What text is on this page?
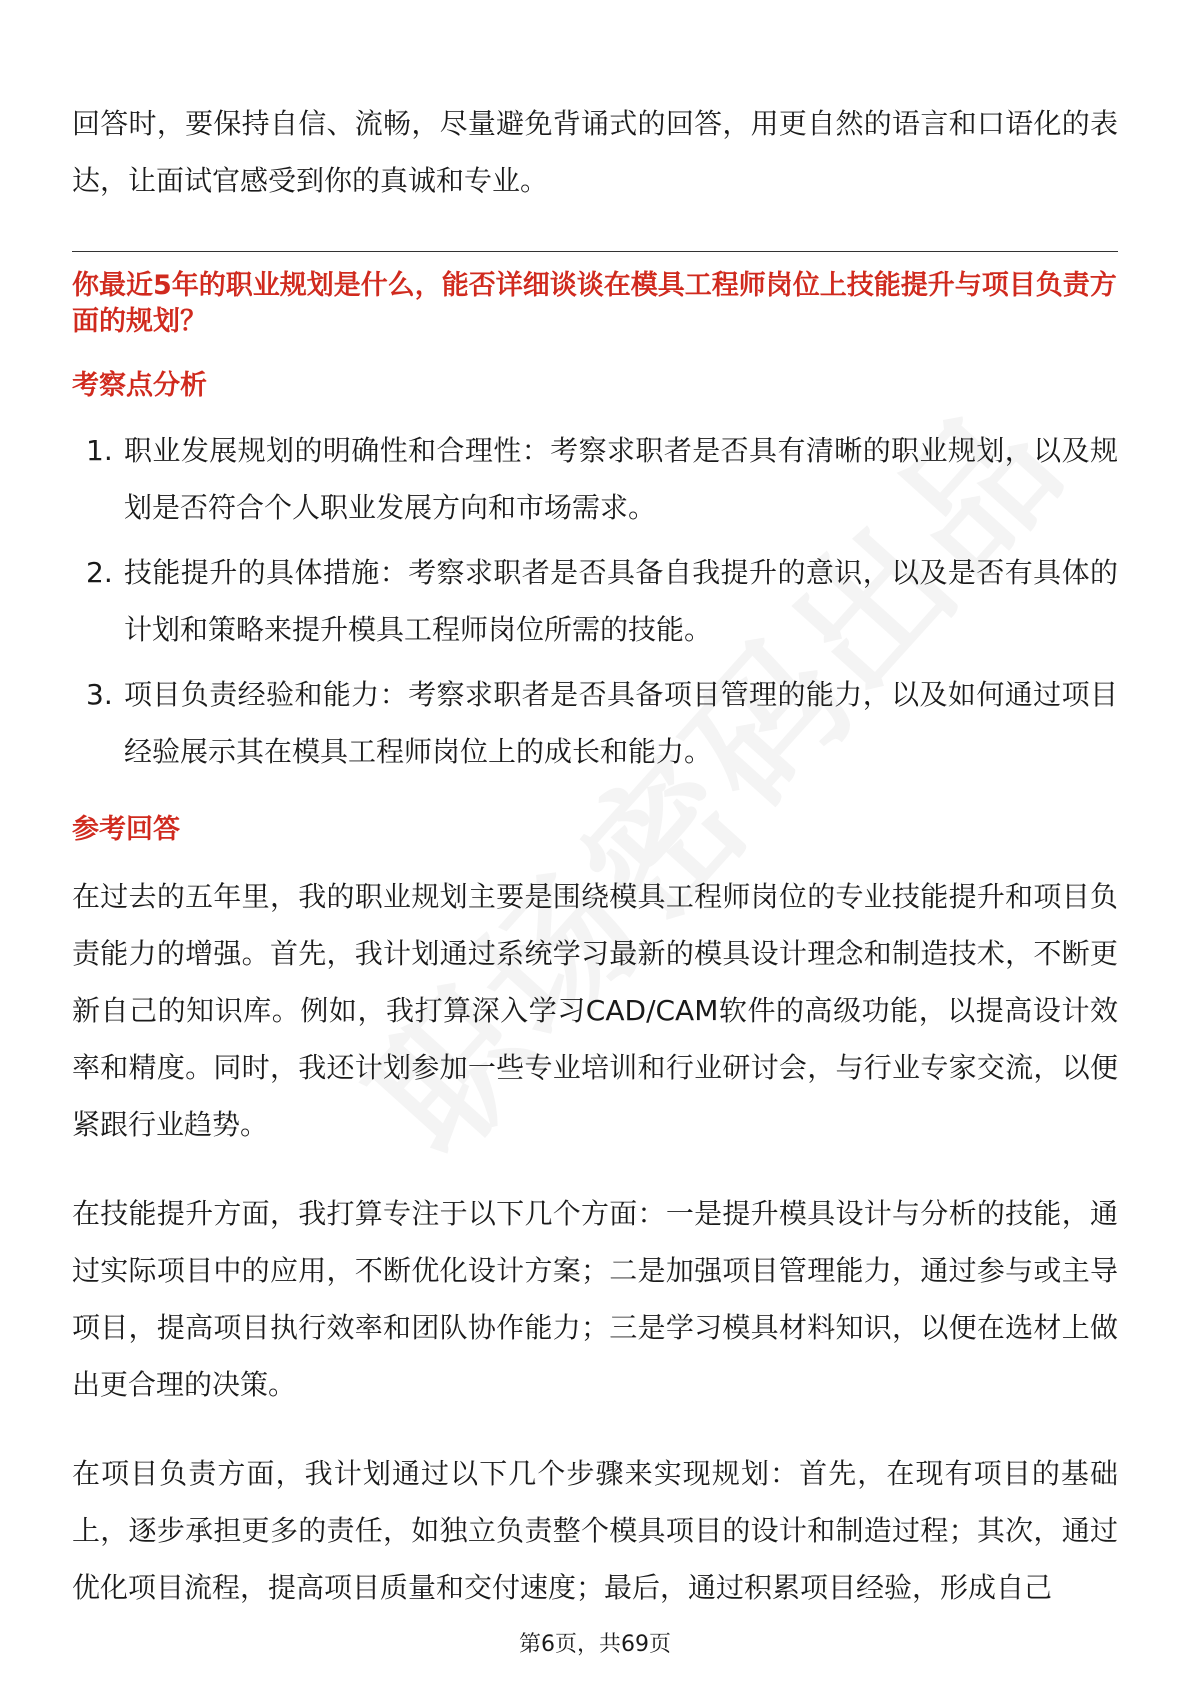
回答时，要保持自信、流畅，尽量避免背诵式的回答，用更自然的语言和口语化的表达，让面试官感受到你的真诚和专业。

你最近5年的职业规划是什么，能否详细谈谈在模具工程师岗位上技能提升与项目负责方面的规划？
考察点分析
1. 职业发展规划的明确性和合理性：考察求职者是否具有清晰的职业规划，以及规划是否符合个人职业发展方向和市场需求。
2. 技能提升的具体措施：考察求职者是否具备自我提升的意识，以及是否有具体的计划和策略来提升模具工程师岗位所需的技能。
3. 项目负责经验和能力：考察求职者是否具备项目管理的能力，以及如何通过项目经验展示其在模具工程师岗位上的成长和能力。
参考回答

在过去的五年里，我的职业规划主要是围绕模具工程师岗位的专业技能提升和项目负责能力的增强。首先，我计划通过系统学习最新的模具设计理念和制造技术，不断更新自己的知识库。例如，我打算深入学习CAD/CAM软件的高级功能，以提高设计效率和精度。同时，我还计划参加一些专业培训和行业研讨会，与行业专家交流，以便紧跟行业趋势。

在技能提升方面，我打算专注于以下几个方面：一是提升模具设计与分析的技能，通过实际项目中的应用，不断优化设计方案；二是加强项目管理能力，通过参与或主导项目，提高项目执行效率和团队协作能力；三是学习模具材料知识，以便在选材上做出更合理的决策。

在项目负责方面，我计划通过以下几个步骤来实现规划：首先，在现有项目的基础上，逐步承担更多的责任，如独立负责整个模具项目的设计和制造过程；其次，通过优化项目流程，提高项目质量和交付速度；最后，通过积累项目经验，形成自己

第6页，共69页
